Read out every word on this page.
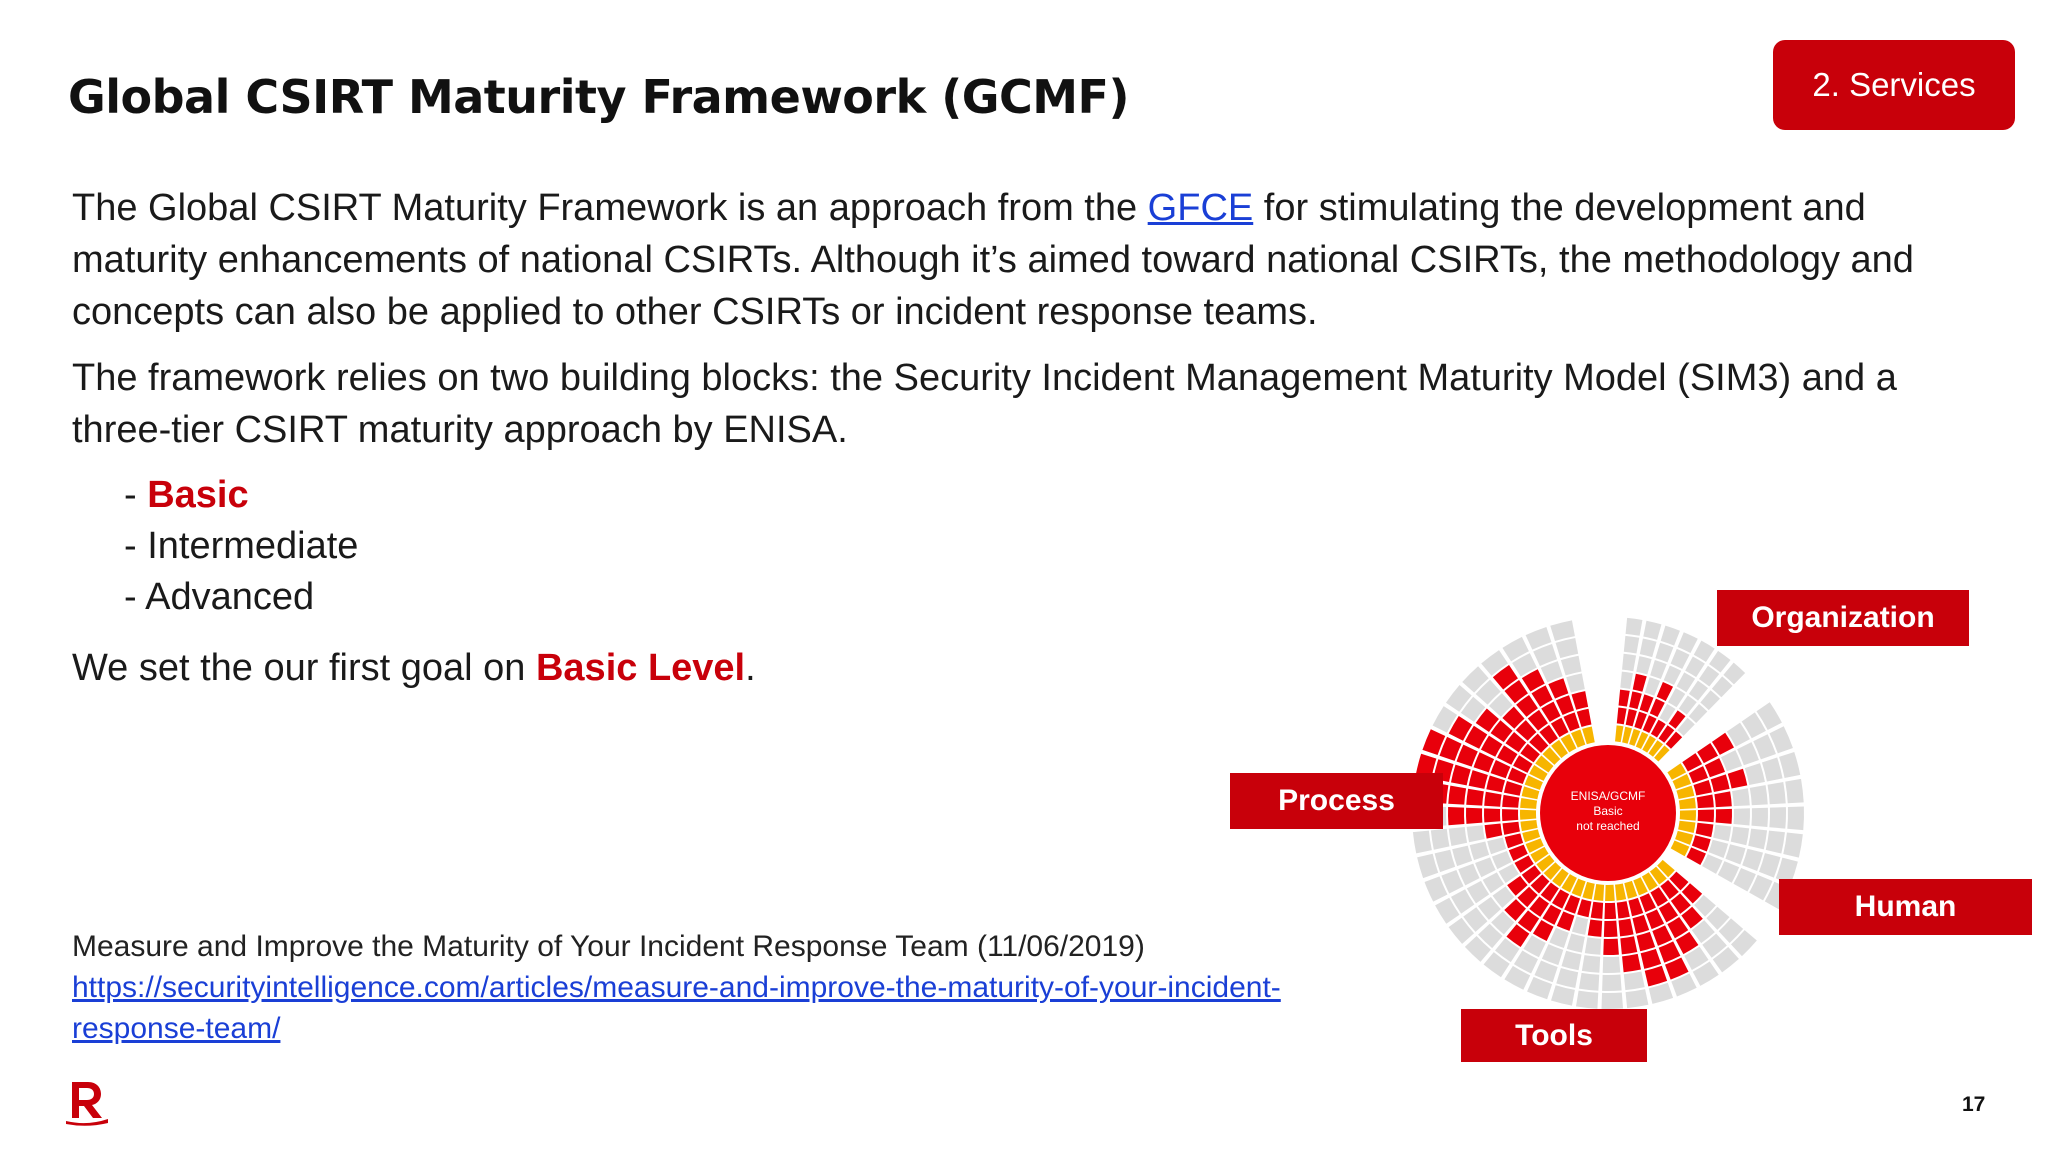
Global CSIRT Maturity Framework (GCMF)	2. Services

The Global CSIRT Maturity Framework is an approach from the GFCE for stimulating the development and maturity enhancements of national CSIRTs. Although it’s aimed toward national CSIRTs, the methodology and concepts can also be applied to other CSIRTs or incident response teams.

The framework relies on two building blocks: the Security Incident Management Maturity Model (SIM3) and a three-tier CSIRT maturity approach by ENISA.

- Basic
- Intermediate
- Advanced

We set the our first goal on Basic Level.

Measure and Improve the Maturity of Your Incident Response Team (11/06/2019)
https://securityintelligence.com/articles/measure-and-improve-the-maturity-of-your-incident-response-team/
ENISA/GCMF
Basic
not reached
Organization
Process
Human
Tools
17
